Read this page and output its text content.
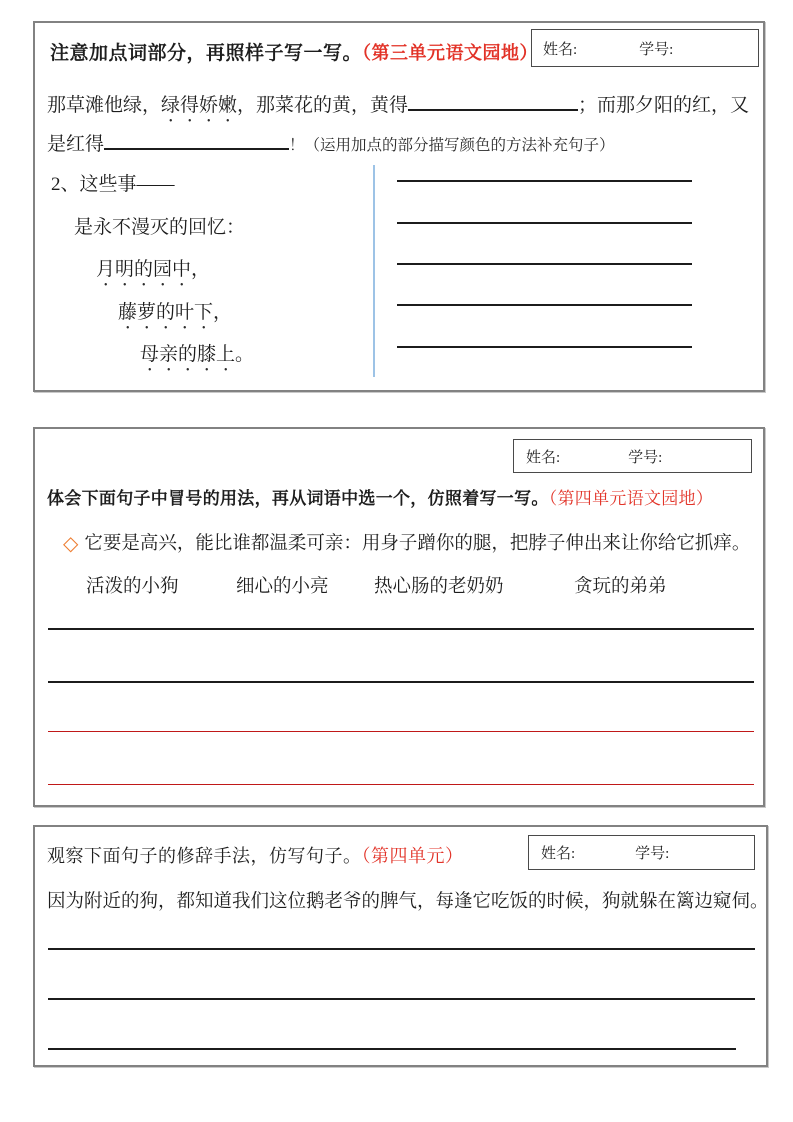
姓名:	学号:
注意加点词部分，再照样子写一写。（第三单元语文园地）
那草滩他绿，绿得娇嫩，那菜花的黄，黄得	；而那夕阳的红，又
是红得	！（运用加点的部分描写颜色的方法补充句子）
2、这些事——
是永不漫灭的回忆：
月明的园中，
藤萝的叶下，
母亲的膝上。
姓名:	学号:
体会下面句子中冒号的用法，再从词语中选一个，仿照着写一写。（第四单元语文园地）
◇ 它要是高兴，能比谁都温柔可亲：用身子蹭你的腿，把脖子伸出来让你给它抓痒。
活泼的小狗	细心的小亮 热心肠的老奶奶	贪玩的弟弟
姓名:	学号:
观察下面句子的修辞手法，仿写句子。（第四单元）
因为附近的狗，都知道我们这位鹅老爷的脾气，每逢它吃饭的时候，狗就躲在篱边窥伺。
